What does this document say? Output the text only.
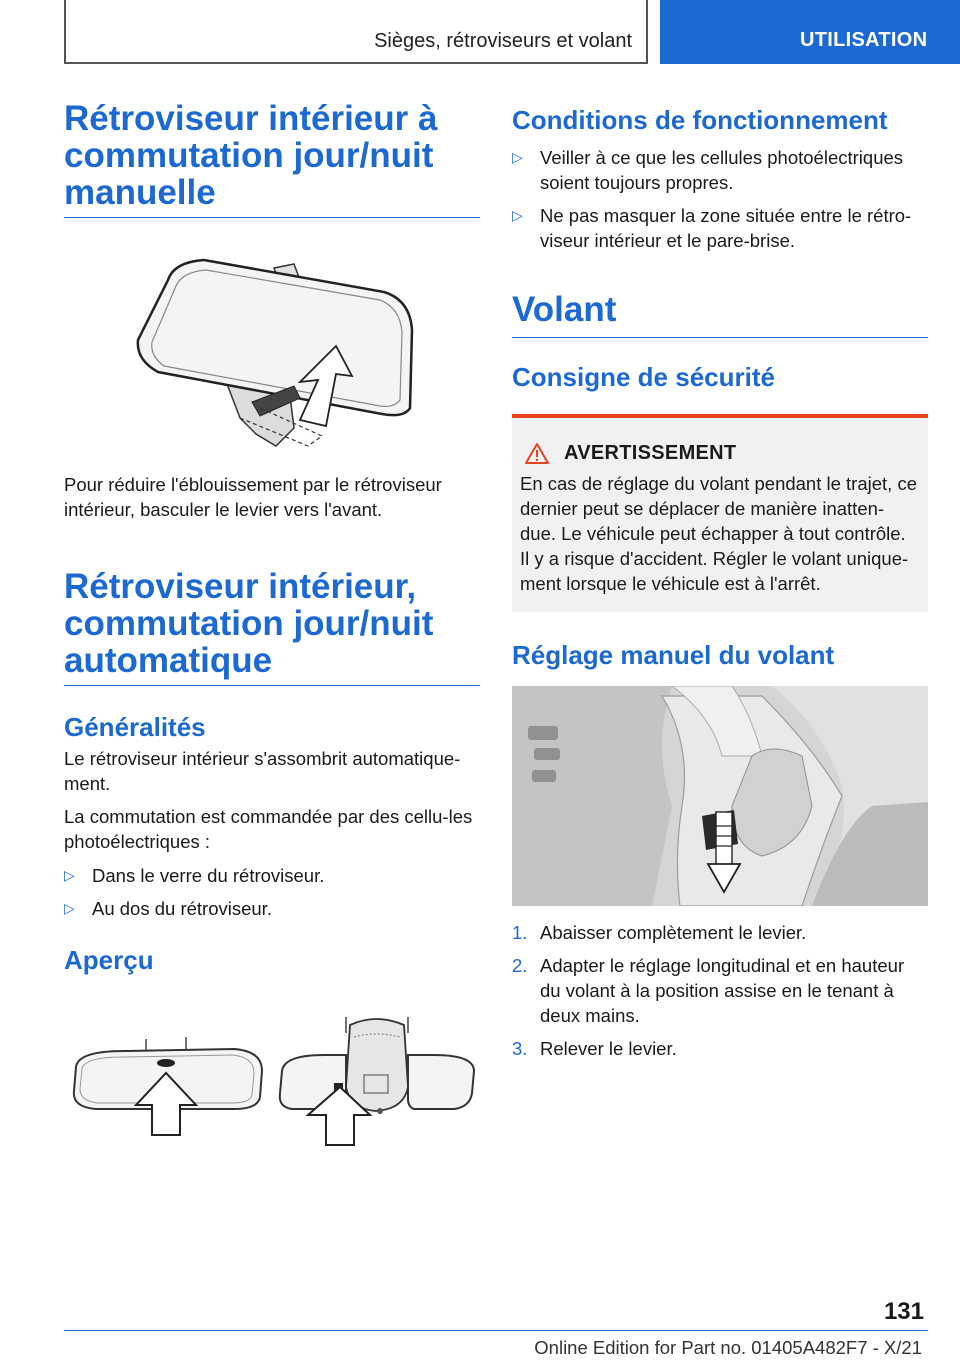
Sièges, rétroviseurs et volant	UTILISATION
Rétroviseur intérieur à commutation jour/nuit manuelle

Pour réduire l'éblouissement par le rétroviseur intérieur, basculer le levier vers l'avant.

Rétroviseur intérieur, commutation jour/nuit automatique
Généralités

Le rétroviseur intérieur s'assombrit automatique-ment.

La commutation est commandée par des cellu-les photoélectriques :

▷ Dans le verre du rétroviseur.
▷ Au dos du rétroviseur.
Aperçu
Conditions de fonctionnement
▷ Veiller à ce que les cellules photoélectriques soient toujours propres.
▷ Ne pas masquer la zone située entre le rétro-viseur intérieur et le pare-brise.
Volant
Consigne de sécurité
AVERTISSEMENT

En cas de réglage du volant pendant le trajet, ce dernier peut se déplacer de manière inatten-due. Le véhicule peut échapper à tout contrôle. Il y a risque d'accident. Régler le volant unique-ment lorsque le véhicule est à l'arrêt.

Réglage manuel du volant
1. Abaisser complètement le levier.
2. Adapter le réglage longitudinal et en hauteur du volant à la position assise en le tenant à deux mains.
3. Relever le levier.
131
Online Edition for Part no. 01405A482F7 - X/21
